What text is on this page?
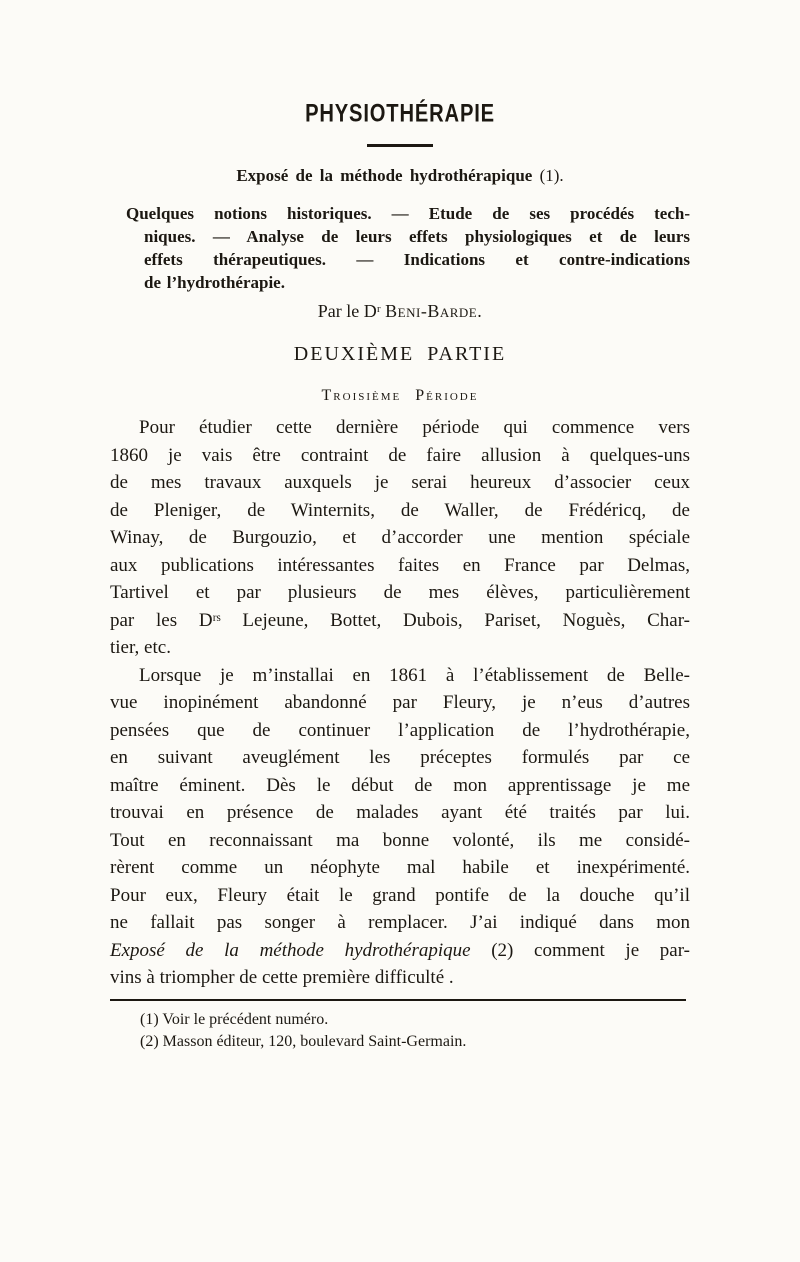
PHYSIOTHÉRAPIE
Exposé de la méthode hydrothérapique (1).
Quelques notions historiques. — Etude de ses procédés tech-
niques. — Analyse de leurs effets physiologiques et de leurs
effets thérapeutiques. — Indications et contre-indications
de l’hydrothérapie.

Par le Dʳ Beni-Barde.

DEUXIÈME PARTIE
Troisième Période
Pour étudier cette dernière période qui commence vers
1860 je vais être contraint de faire allusion à quelques-uns
de mes travaux auxquels je serai heureux d’associer ceux
de Pleniger, de Winternits, de Waller, de Frédéricq, de
Winay, de Burgouzio, et d’accorder une mention spéciale
aux publications intéressantes faites en France par Delmas,
Tartivel et par plusieurs de mes élèves, particulièrement
par les Dʳˢ Lejeune, Bottet, Dubois, Pariset, Noguès, Char-
tier, etc.
Lorsque je m’installai en 1861 à l’établissement de Belle-
vue inopinément abandonné par Fleury, je n’eus d’autres
pensées que de continuer l’application de l’hydrothérapie,
en suivant aveuglément les préceptes formulés par ce
maître éminent. Dès le début de mon apprentissage je me
trouvai en présence de malades ayant été traités par lui.
Tout en reconnaissant ma bonne volonté, ils me considé-
rèrent comme un néophyte mal habile et inexpérimenté.
Pour eux, Fleury était le grand pontife de la douche qu’il
ne fallait pas songer à remplacer. J’ai indiqué dans mon
Exposé de la méthode hydrothérapique (2) comment je par-
vins à triompher de cette première difficulté .
(1) Voir le précédent numéro.
(2) Masson éditeur, 120, boulevard Saint-Germain.
